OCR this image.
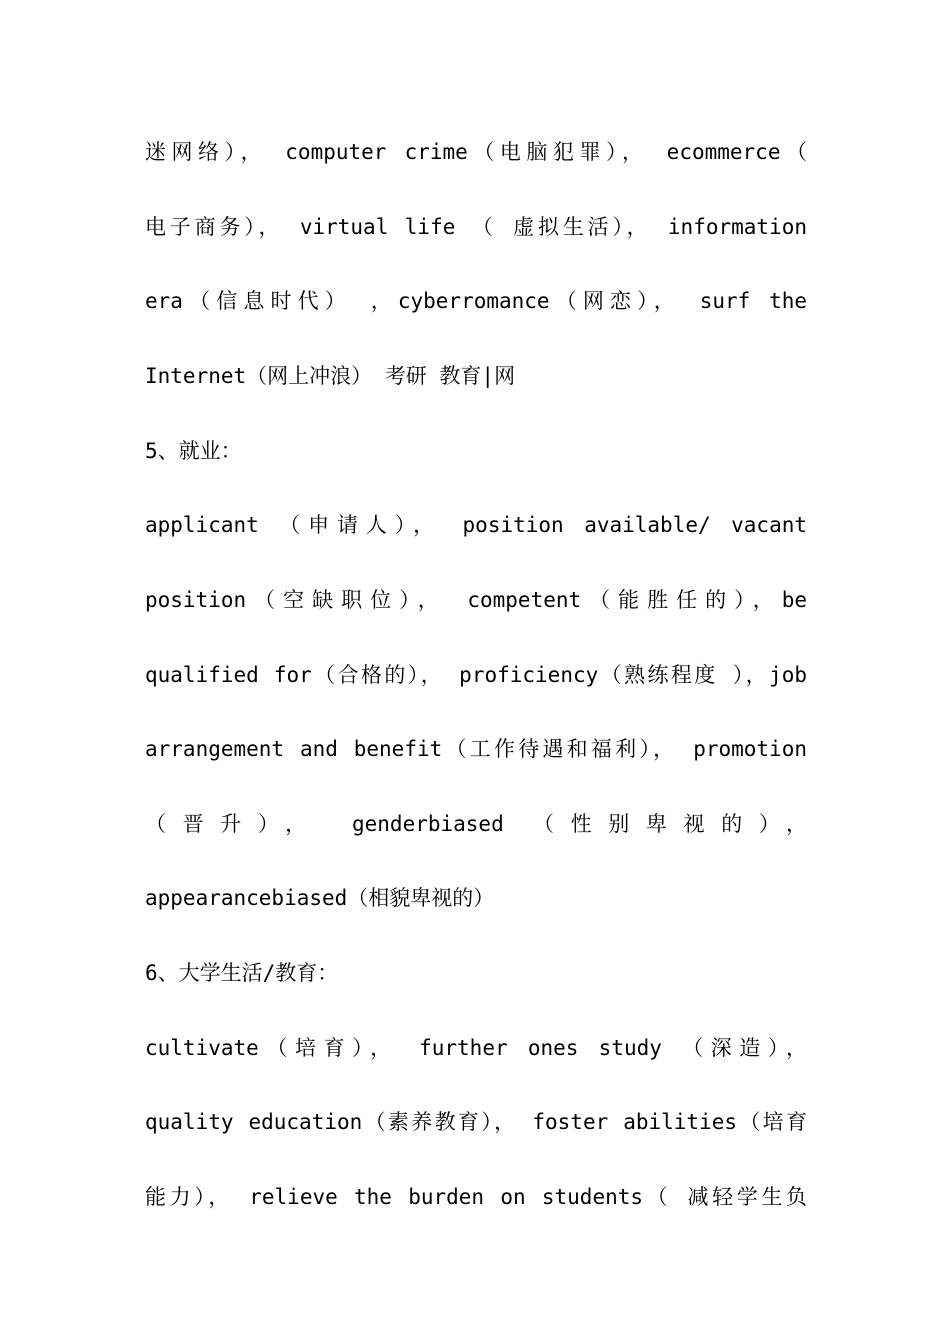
迷网络）， computer crime（电脑犯罪）， ecommerce（
电子商务）， virtual life （ 虚拟生活）， information
era（信息时代） ，cyberromance（网恋）， surf the
Internet（网上冲浪） 考研 教育|网
5、就业：
applicant （申请人）， position available/ vacant
position（空缺职位）， competent（能胜任的），be
qualified for（合格的）， proficiency（熟练程度 ），job
arrangement and benefit（工作待遇和福利）， promotion
（晋升）， genderbiased （性别卑视的），
appearancebiased（相貌卑视的）
6、大学生活/教育：
cultivate（培育）， further ones study （深造），
quality education（素养教育）， foster abilities（培育
能力）， relieve the burden on students（ 减轻学生负
